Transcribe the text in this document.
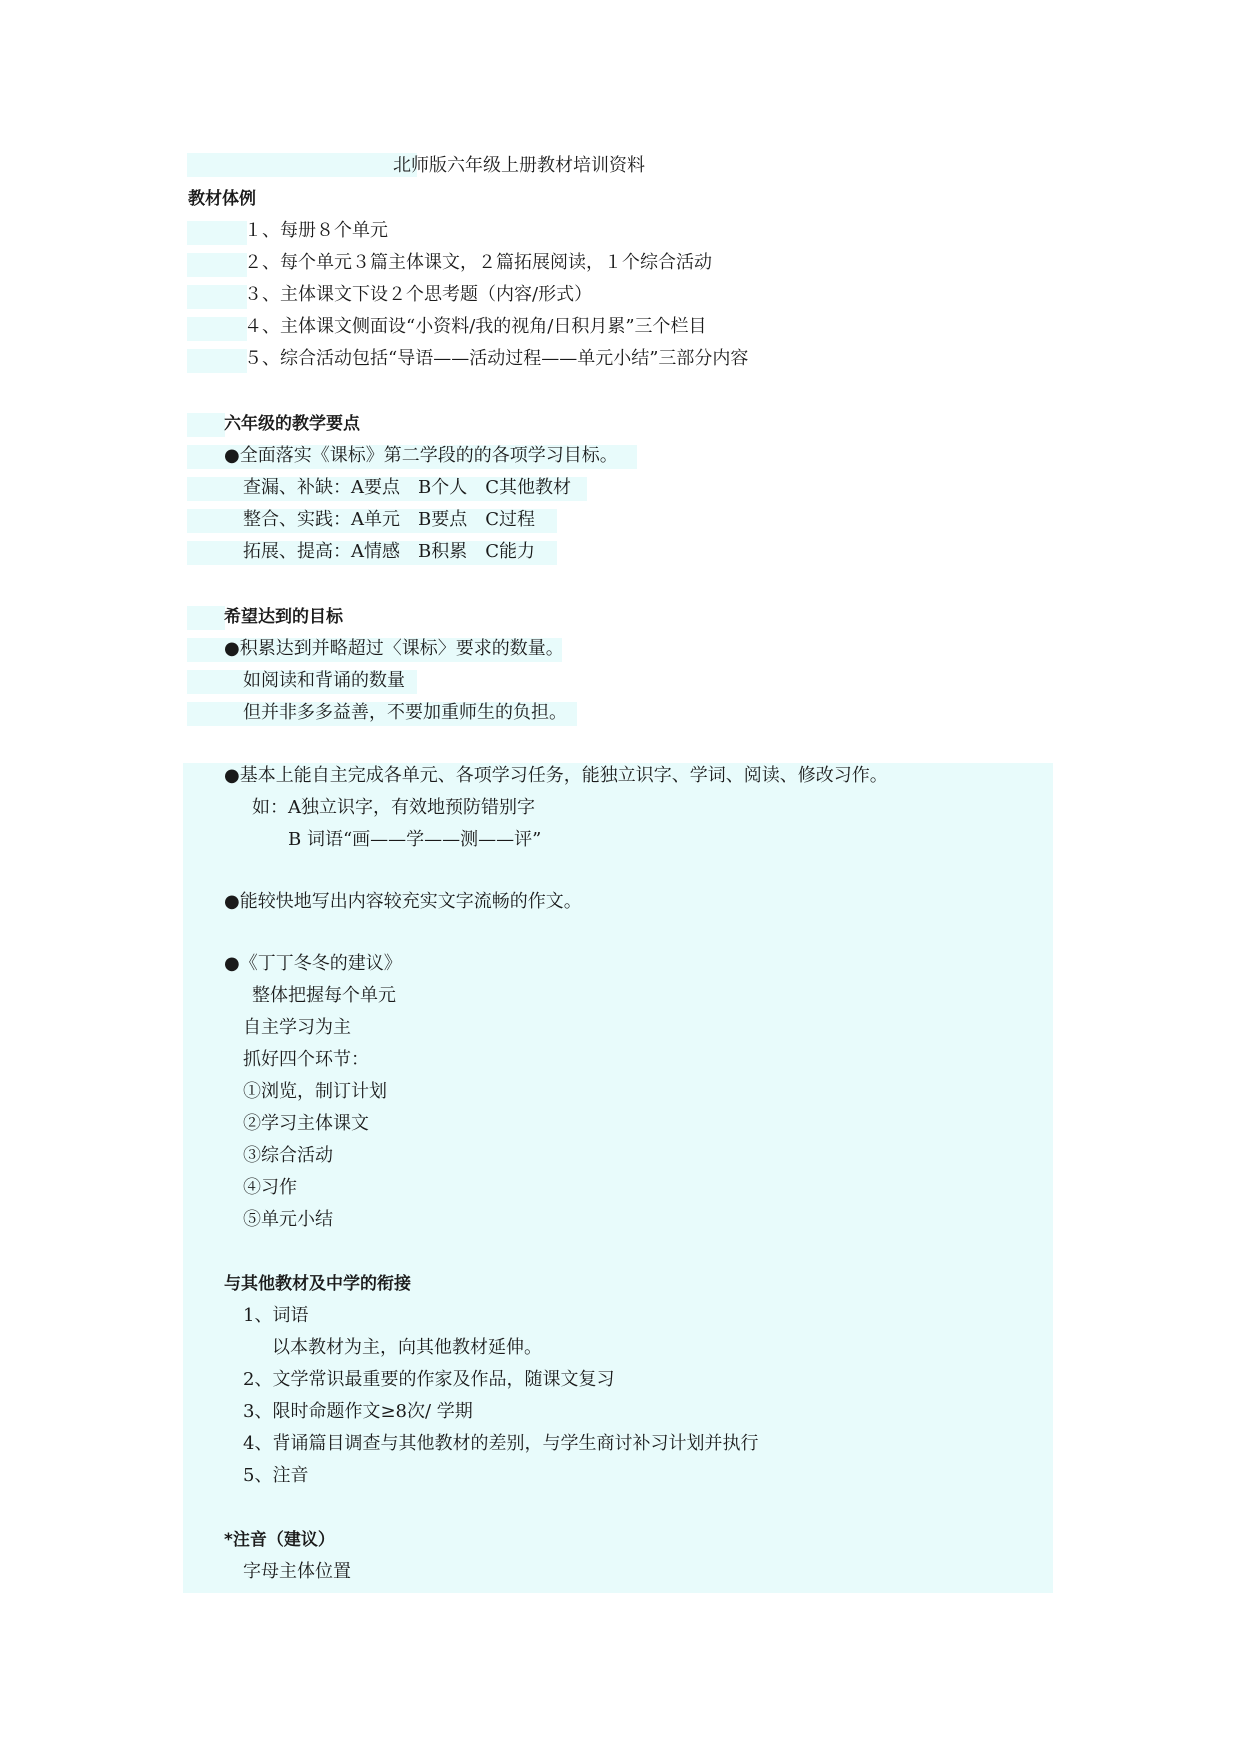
北师版六年级上册教材培训资料
教材体例
１、每册８个单元
２、每个单元３篇主体课文，２篇拓展阅读，１个综合活动
３、主体课文下设２个思考题（内容/形式）
４、主体课文侧面设“小资料/我的视角/日积月累”三个栏目
５、综合活动包括“导语——活动过程——单元小结”三部分内容
六年级的教学要点
●全面落实《课标》第二学段的的各项学习目标。
查漏、补缺：A要点　B个人　C其他教材
整合、实践：A单元　B要点　C过程
拓展、提高：A情感　B积累　C能力
希望达到的目标
●积累达到并略超过〈课标〉要求的数量。
如阅读和背诵的数量
但并非多多益善，不要加重师生的负担。
●基本上能自主完成各单元、各项学习任务，能独立识字、学词、阅读、修改习作。
如：A独立识字，有效地预防错别字
B 词语“画——学——测——评”
●能较快地写出内容较充实文字流畅的作文。
●《丁丁冬冬的建议》
整体把握每个单元
自主学习为主
抓好四个环节：
①浏览，制订计划
②学习主体课文
③综合活动
④习作
⑤单元小结
与其他教材及中学的衔接
1、词语
以本教材为主，向其他教材延伸。
2、文学常识最重要的作家及作品，随课文复习
3、限时命题作文≥8次/ 学期
4、背诵篇目调查与其他教材的差别，与学生商讨补习计划并执行
5、注音
*注音（建议）
字母主体位置
